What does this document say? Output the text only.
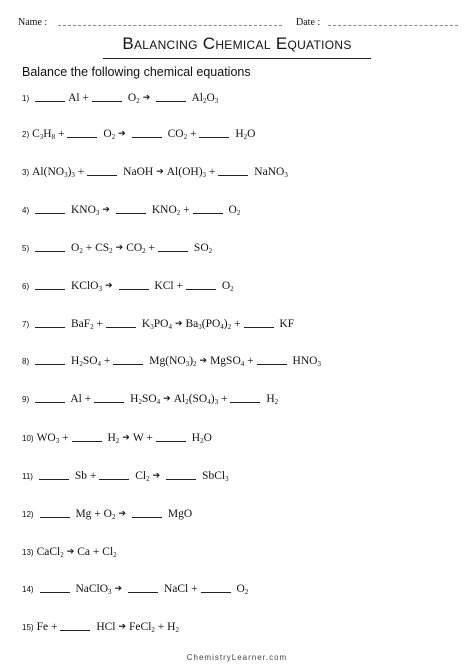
Name :	Date :
Balancing Chemical Equations
Balance the following chemical equations
1)	Al +	$O_2$ ➔	$Al_2O_3$
2) $C_3H_8$ +	$O_2$ ➔	$CO_2$ +	$H_2O$
3) $Al(NO_3)_3$ +	NaOH ➔ $Al(OH)_3$ +	NaNO$_3$
4)	$KNO_3$ ➔	$KNO_2$ +	$O_2$
5)	$O_2 + CS_2$ ➔ $CO_2$ +	$SO_2$
6)	KClO$_3$ ➔	KCl +	$O_2$
7)	BaF$_2$ +	$K_3PO_4$ ➔ $Ba_3(PO_4)_2$ +	KF
8)	$H_2SO_4$ +	$Mg(NO_3)_2$ ➔ MgSO$_4$ +	$HNO_3$
9)	Al +	$H_2SO_4$ ➔ $Al_2(SO_4)_3$ +	$H_2$
10) $WO_3$ +	$H_2$ ➔ W +	$H_2O$
11)	Sb +	$Cl_2$ ➔	SbCl$_3$
12)	$Mg + O_2$ ➔	MgO
13) CaCl$_2$ ➔ $Ca + Cl_2$
14)	NaClO$_3$ ➔	NaCl +	$O_2$
15) Fe +	HCl ➔ FeCl$_2$ + $H_2$
ChemistryLearner.com
